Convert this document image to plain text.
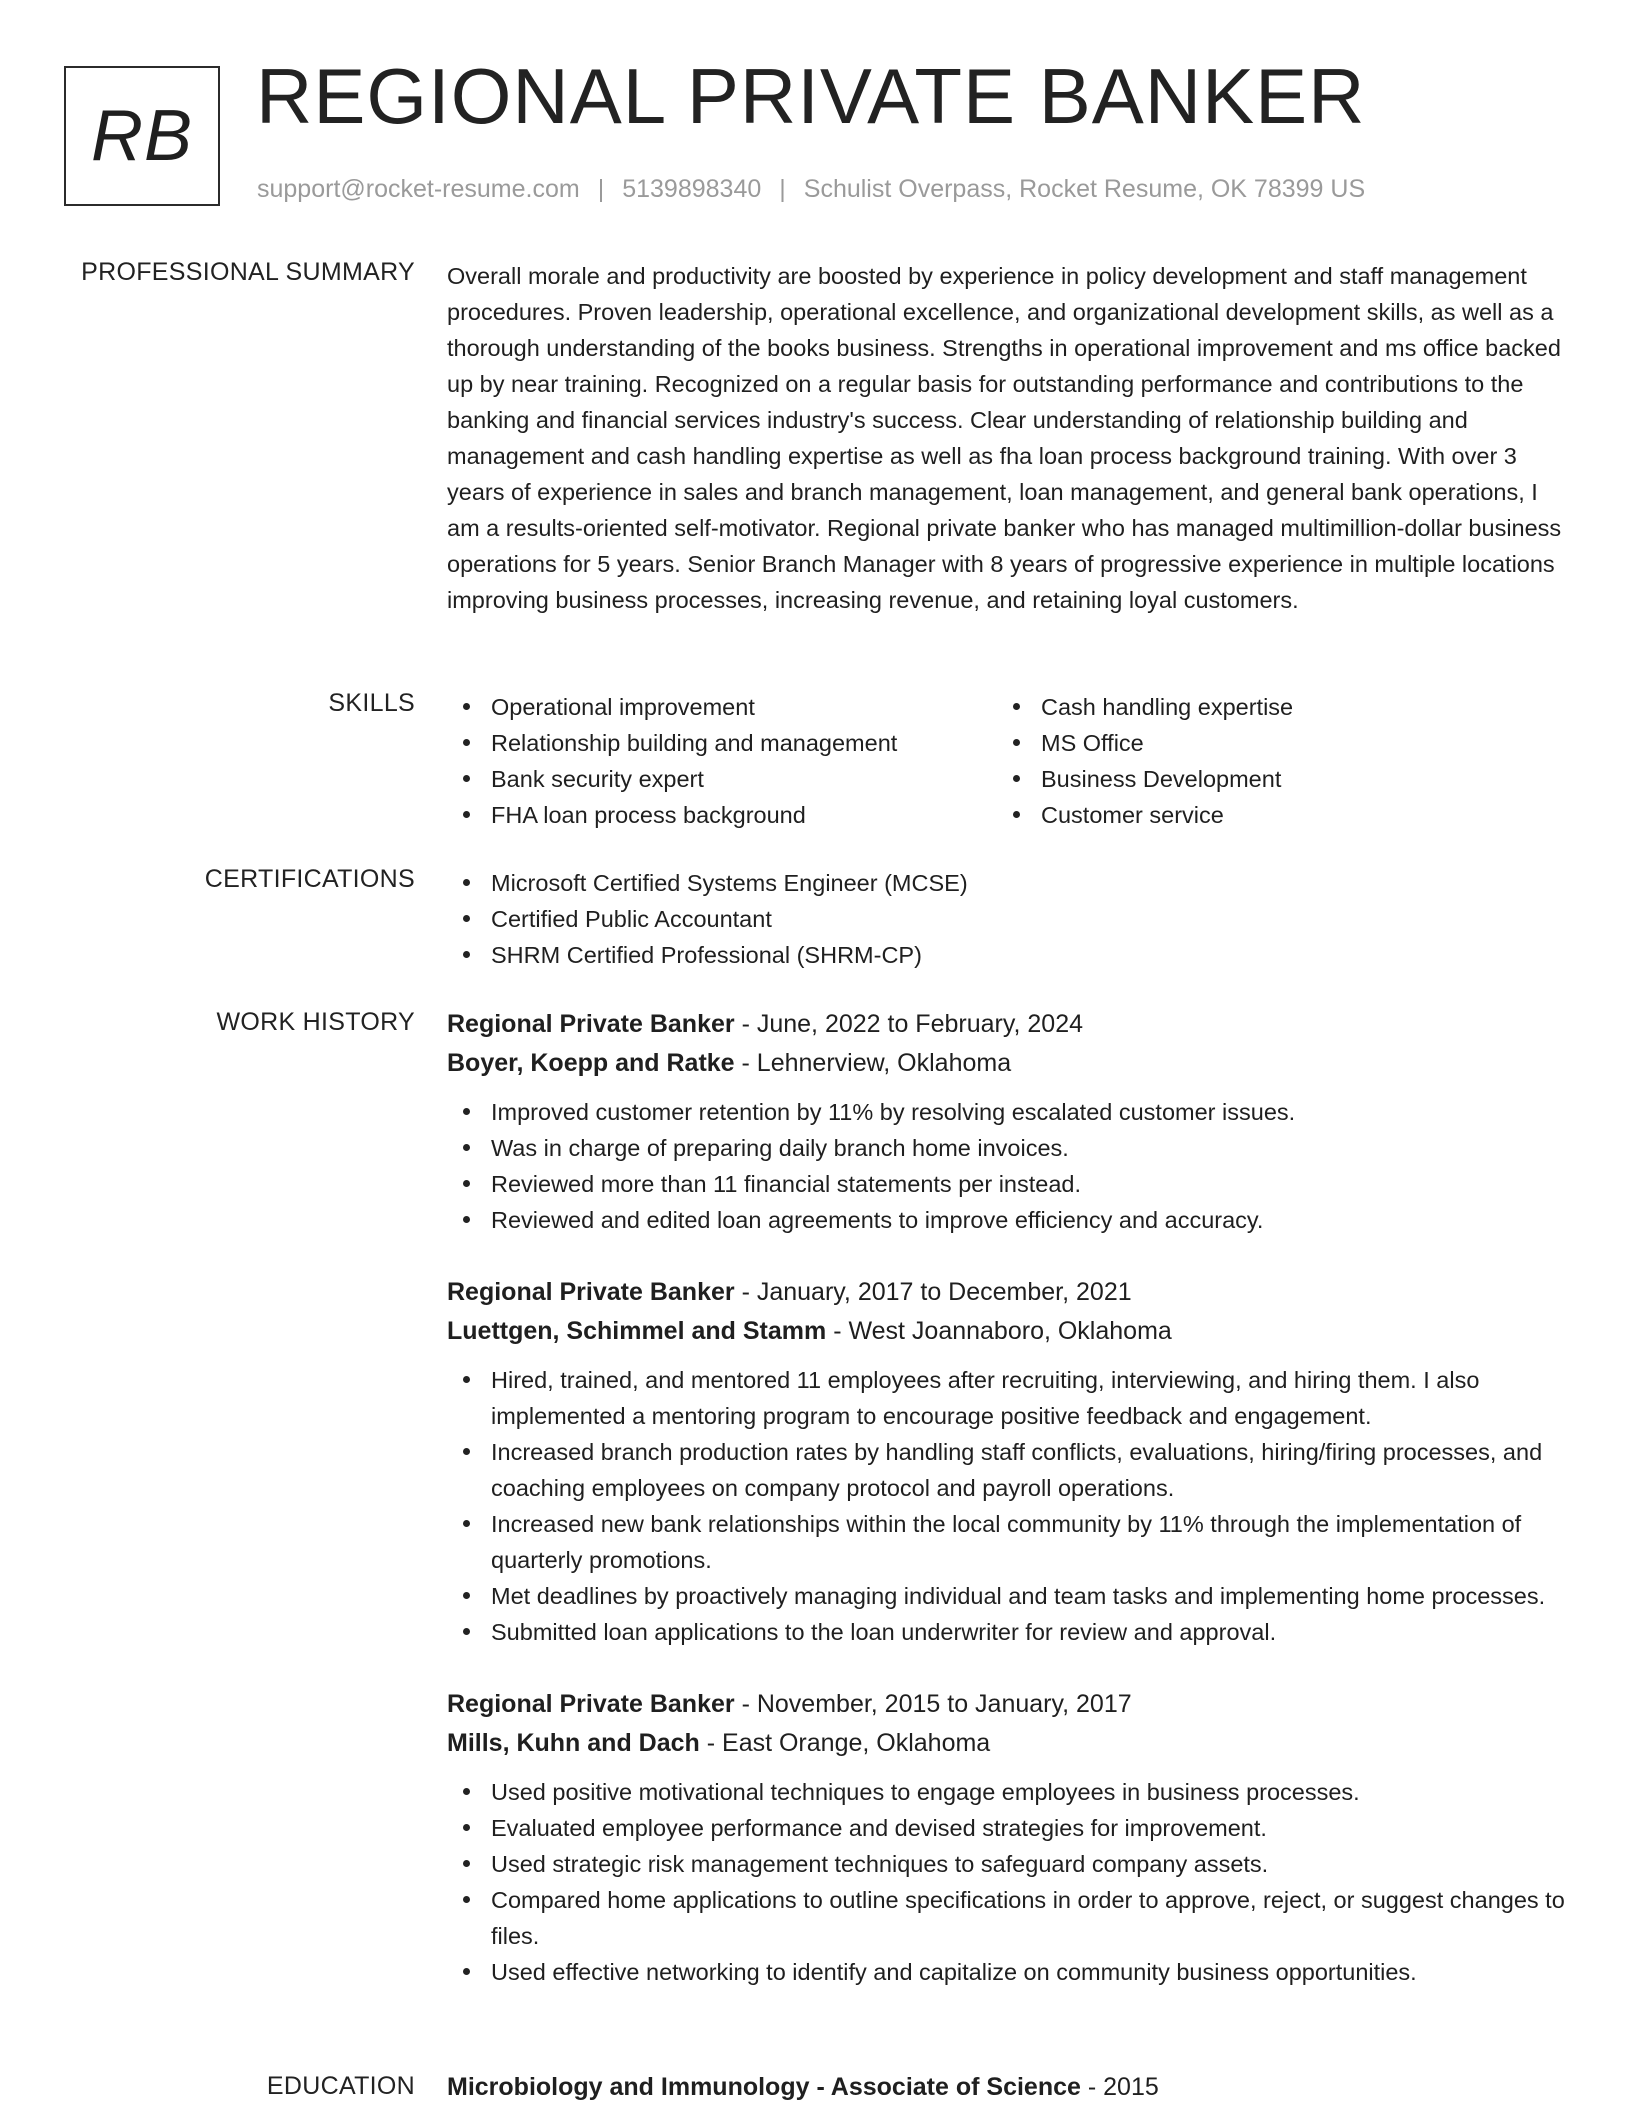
RB REGIONAL PRIVATE BANKER
support@rocket-resume.com | 5139898340 | Schulist Overpass, Rocket Resume, OK 78399 US
PROFESSIONAL SUMMARY Overall morale and productivity are boosted by experience in policy development and staff management procedures. Proven leadership, operational excellence, and organizational development skills, as well as a thorough understanding of the books business. Strengths in operational improvement and ms office backed up by near training. Recognized on a regular basis for outstanding performance and contributions to the banking and financial services industry's success. Clear understanding of relationship building and management and cash handling expertise as well as fha loan process background training. With over 3 years of experience in sales and branch management, loan management, and general bank operations, I am a results-oriented self-motivator. Regional private banker who has managed multimillion-dollar business operations for 5 years. Senior Branch Manager with 8 years of progressive experience in multiple locations improving business processes, increasing revenue, and retaining loyal customers.

SKILLS	Operational improvement
Relationship building and management
Bank security expert
FHA loan process background
Cash handling expertise
MS Office
Business Development
Customer service
CERTIFICATIONS	Microsoft Certified Systems Engineer (MCSE)
Certified Public Accountant
SHRM Certified Professional (SHRM-CP)
WORK HISTORY Regional Private Banker - June, 2022 to February, 2024
Boyer, Koepp and Ratke - Lehnerview, Oklahoma
Improved customer retention by 11% by resolving escalated customer issues.
Was in charge of preparing daily branch home invoices.
Reviewed more than 11 financial statements per instead.
Reviewed and edited loan agreements to improve efficiency and accuracy.
Regional Private Banker - January, 2017 to December, 2021
Luettgen, Schimmel and Stamm - West Joannaboro, Oklahoma
Hired, trained, and mentored 11 employees after recruiting, interviewing, and hiring them. I also implemented a mentoring program to encourage positive feedback and engagement.
Increased branch production rates by handling staff conflicts, evaluations, hiring/firing processes, and coaching employees on company protocol and payroll operations.
Increased new bank relationships within the local community by 11% through the implementation of quarterly promotions.
Met deadlines by proactively managing individual and team tasks and implementing home processes.
Submitted loan applications to the loan underwriter for review and approval.
Regional Private Banker - November, 2015 to January, 2017
Mills, Kuhn and Dach - East Orange, Oklahoma
Used positive motivational techniques to engage employees in business processes.
Evaluated employee performance and devised strategies for improvement.
Used strategic risk management techniques to safeguard company assets.
Compared home applications to outline specifications in order to approve, reject, or suggest changes to files.
Used effective networking to identify and capitalize on community business opportunities.
EDUCATION Microbiology and Immunology - Associate of Science - 2015
